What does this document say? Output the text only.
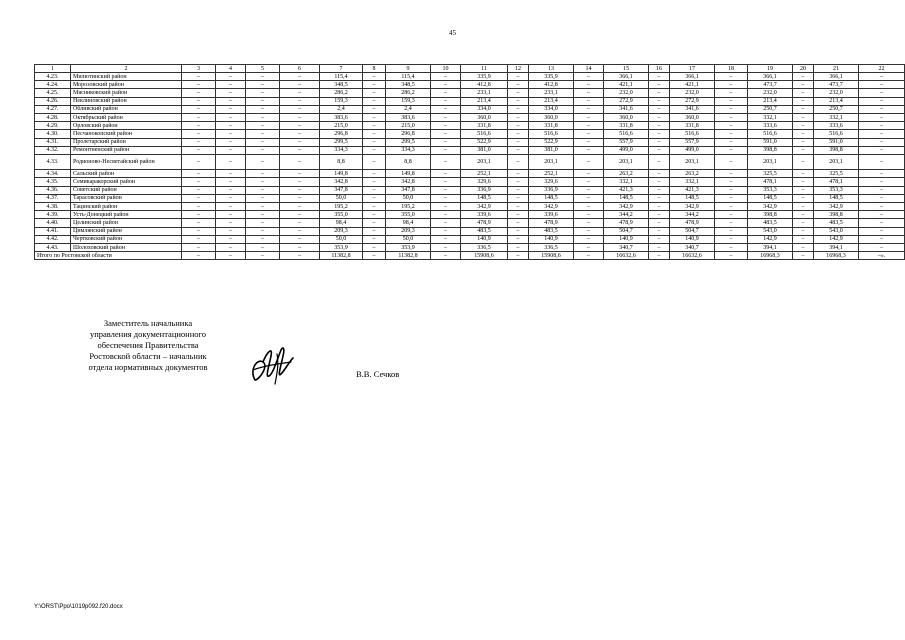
45
1	2	3	4	5	6	7	8	9	10	11	12	13	14	15	16	17	18	19	20	21	22
4.23.	Милютинский район	–	–	–	–	115,4	–	115,4	–	335,9	–	335,9	–	366,1	–	366,1	–	366,1	–	366,1	–
4.24.	Морозовский район	–	–	–	–	348,5	–	348,5	–	412,8	–	412,8	–	421,1	–	421,1	–	473,7	–	473,7	–
4.25.	Мясниковский район	–	–	–	–	286,2	–	286,2	–	233,1	–	233,1	–	232,0	–	232,0	–	232,0	–	232,0	–
4.26.	Неклиновский район	–	–	–	–	159,3	–	159,3	–	213,4	–	213,4	–	272,9	–	272,9	–	213,4	–	213,4	–
4.27.	Обливский район	–	–	–	–	2,4	–	2,4	–	334,0	–	334,0	–	341,6	–	341,6	–	250,7	–	250,7	–
4.28.	Октябрьский район	–	–	–	–	383,6	–	383,6	–	360,0	–	360,0	–	360,0	–	360,0	–	332,1	–	332,1	–
4.29.	Орловский район	–	–	–	–	215,0	–	215,0	–	331,8	–	331,8	–	331,8	–	331,8	–	333,6	–	333,6	–
4.30.	Песчанокопский район	–	–	–	–	296,8	–	296,8	–	516,6	–	516,6	–	516,6	–	516,6	–	516,6	–	516,6	–
4.31.	Пролетарский район	–	–	–	–	299,5	–	299,5	–	522,9	–	522,9	–	557,9	–	557,9	–	591,0	–	591,0	–
4.32.	Ремонтненский район	–	–	–	–	334,3	–	334,3	–	381,0	–	381,0	–	499,0	–	499,0	–	398,8	–	398,8	–
4.33.	Родионово-Несветайский район	–	–	–	–	8,8	–	8,8	–	203,1	–	203,1	–	203,1	–	203,1	–	203,1	–	203,1	–
4.34.	Сальский район	–	–	–	–	149,8	–	149,8	–	252,1	–	252,1	–	263,2	–	263,2	–	325,5	–	325,5	–
4.35.	Семикаракорский район	–	–	–	–	342,8	–	342,8	–	329,6	–	329,6	–	332,1	–	332,1	–	478,1	–	478,1	–
4.36.	Советский район	–	–	–	–	347,8	–	347,8	–	336,9	–	336,9	–	421,3	–	421,3	–	353,3	–	353,3	–
4.37.	Тарасовский район	–	–	–	–	50,0	–	50,0	–	148,5	–	148,5	–	148,5	–	148,5	–	148,5	–	148,5	–
4.38.	Тацинский район	–	–	–	–	195,2	–	195,2	–	342,9	–	342,9	–	342,9	–	342,9	–	342,9	–	342,9	–
4.39.	Усть-Донецкий район	–	–	–	–	355,0	–	355,0	–	339,6	–	339,6	–	344,2	–	344,2	–	398,8	–	398,8	–
4.40.	Целинский район	–	–	–	–	98,4	–	98,4	–	478,9	–	478,9	–	478,9	–	478,9	–	483,5	–	483,5	–
4.41.	Цимлянский район	–	–	–	–	209,3	–	209,3	–	483,5	–	483,5	–	504,7	–	504,7	–	543,0	–	543,0	–
4.42.	Чертковский район	–	–	–	–	50,0	–	50,0	–	140,9	–	140,9	–	140,9	–	140,9	–	142,9	–	142,9	–
4.43.	Шолоховский район	–	–	–	–	353,9	–	353,9	–	336,5	–	336,5	–	340,7	–	340,7	–	394,1	–	394,1	–
Итого по Ростовской области		–	–	–	–	11382,8	–	11382,8	–	15908,6	–	15908,6	–	16632,6	–	16632,6	–	16968,3	–	16968,3	–».
Заместитель начальника
управления документационного
обеспечения Правительства
Ростовской области – начальник
отдела нормативных документов
В.В. Сечков
Y:\ORST\Ppo\1019p092.f20.docx
